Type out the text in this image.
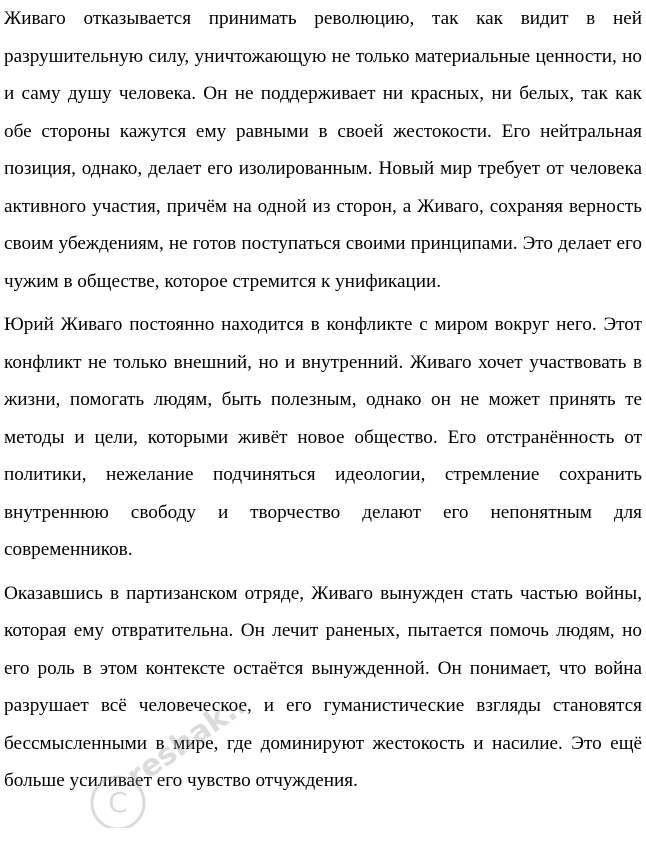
Живаго отказывается принимать революцию, так как видит в ней разрушительную силу, уничтожающую не только материальные ценности, но и саму душу человека. Он не поддерживает ни красных, ни белых, так как обе стороны кажутся ему равными в своей жестокости. Его нейтральная позиция, однако, делает его изолированным. Новый мир требует от человека активного участия, причём на одной из сторон, а Живаго, сохраняя верность своим убеждениям, не готов поступаться своими принципами. Это делает его чужим в обществе, которое стремится к унификации.

Юрий Живаго постоянно находится в конфликте с миром вокруг него. Этот конфликт не только внешний, но и внутренний. Живаго хочет участвовать в жизни, помогать людям, быть полезным, однако он не может принять те методы и цели, которыми живёт новое общество. Его отстранённость от политики, нежелание подчиняться идеологии, стремление сохранить внутреннюю свободу и творчество делают его непонятным для современников.

Оказавшись в партизанском отряде, Живаго вынужден стать частью войны, которая ему отвратительна. Он лечит раненых, пытается помочь людям, но его роль в этом контексте остаётся вынужденной. Он понимает, что война разрушает всё человеческое, и его гуманистические взгляды становятся бессмысленными в мире, где доминируют жестокость и насилие. Это ещё больше усиливает его чувство отчуждения.

C
reshak.ru
